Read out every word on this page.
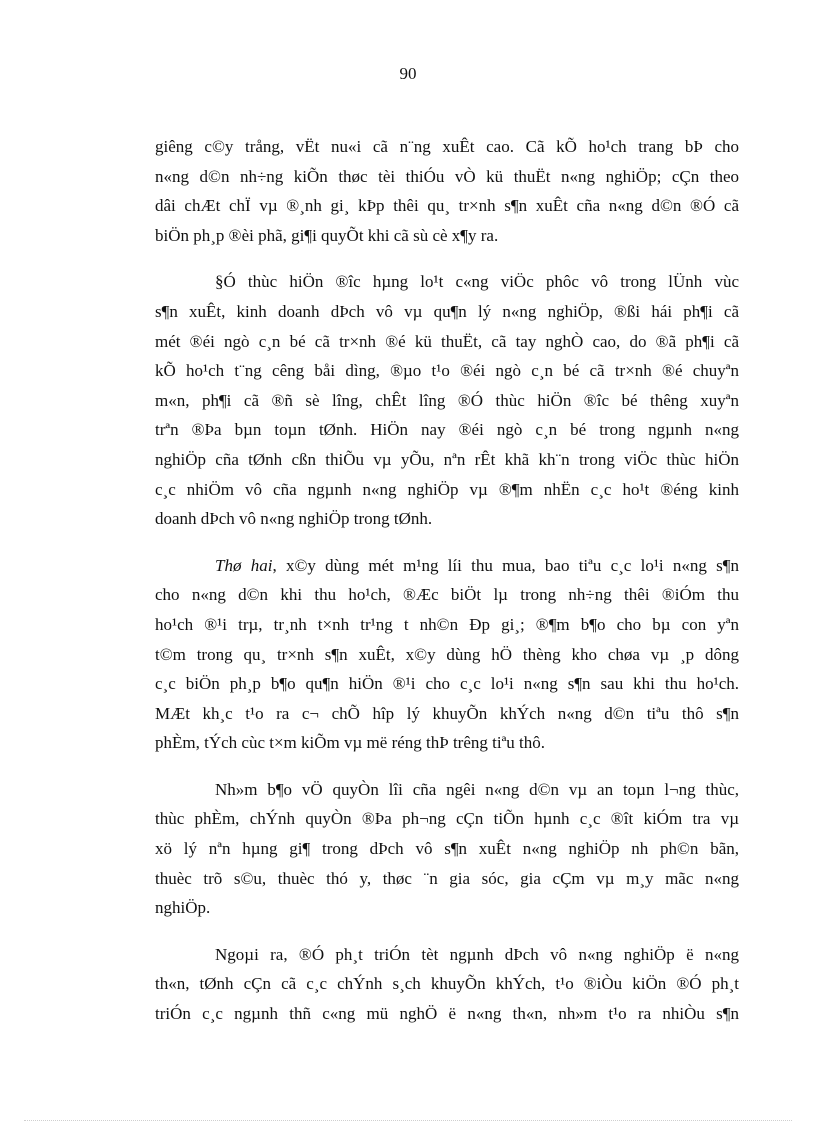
90

giêng c©y trång, vËt nu«i cã n¨ng xuÊt cao. Cã kÕ ho¹ch trang bÞ cho
n«ng d©n nh÷ng kiÕn thøc tèi thiÓu vÒ kü thuËt n«ng nghiÖp; cÇn theo
dâi chÆt chÏ vµ ®¸nh gi¸ kÞp thêi qu¸ tr×nh s¶n xuÊt cña n«ng d©n ®Ó cã
biÖn ph¸p ®èi phã, gi¶i quyÕt khi cã sù cè x¶y ra.

§Ó thùc hiÖn ®îc hµng lo¹t c«ng viÖc phôc vô trong lÜnh vùc
s¶n xuÊt, kinh doanh dÞch vô vµ qu¶n lý n«ng nghiÖp, ®ßi hái ph¶i cã
mét ®éi ngò c¸n bé cã tr×nh ®é kü thuËt, cã tay nghÒ cao, do ®ã ph¶i cã
kÕ ho¹ch t¨ng cêng båi dìng, ®µo t¹o ®éi ngò c¸n bé cã tr×nh ®é chuyªn
m«n, ph¶i cã ®ñ sè lîng, chÊt lîng ®Ó thùc hiÖn ®îc bé thêng xuyªn
trªn ®Þa bµn toµn tØnh. HiÖn nay ®éi ngò c¸n bé trong ngµnh n«ng
nghiÖp cña tØnh cßn thiÕu vµ yÕu, nªn rÊt khã kh¨n trong viÖc thùc hiÖn
c¸c nhiÖm vô cña ngµnh n«ng nghiÖp vµ ®¶m nhËn c¸c ho¹t ®éng kinh
doanh dÞch vô n«ng nghiÖp trong tØnh.

Thø hai, x©y dùng mét m¹ng líi thu mua, bao tiªu c¸c lo¹i n«ng s¶n
cho n«ng d©n khi thu ho¹ch, ®Æc biÖt lµ trong nh÷ng thêi ®iÓm thu
ho¹ch ®¹i trµ, tr¸nh t×nh tr¹ng t nh©n Ðp gi¸; ®¶m b¶o cho bµ con yªn
t©m trong qu¸ tr×nh s¶n xuÊt, x©y dùng hÖ thèng kho chøa vµ ¸p dông
c¸c biÖn ph¸p b¶o qu¶n hiÖn ®¹i cho c¸c lo¹i n«ng s¶n sau khi thu ho¹ch.
MÆt kh¸c t¹o ra c¬ chÕ hîp lý khuyÕn khÝch n«ng d©n tiªu thô s¶n
phÈm, tÝch cùc t×m kiÕm vµ më réng thÞ trêng tiªu thô.

Nh»m b¶o vÖ quyÒn lîi cña ngêi n«ng d©n vµ an toµn l¬ng thùc,
thùc phÈm, chÝnh quyÒn ®Þa ph¬ng cÇn tiÕn hµnh c¸c ®ît kiÓm tra vµ
xö lý nªn hµng gi¶ trong dÞch vô s¶n xuÊt n«ng nghiÖp nh ph©n bãn,
thuèc trõ s©u, thuèc thó y, thøc ¨n gia sóc, gia cÇm vµ m¸y mãc n«ng
nghiÖp.

Ngoµi ra, ®Ó ph¸t triÓn tèt ngµnh dÞch vô n«ng nghiÖp ë n«ng
th«n, tØnh cÇn cã c¸c chÝnh s¸ch khuyÕn khÝch, t¹o ®iÒu kiÖn ®Ó ph¸t
triÓn c¸c ngµnh thñ c«ng mü nghÖ ë n«ng th«n, nh»m t¹o ra nhiÒu s¶n
